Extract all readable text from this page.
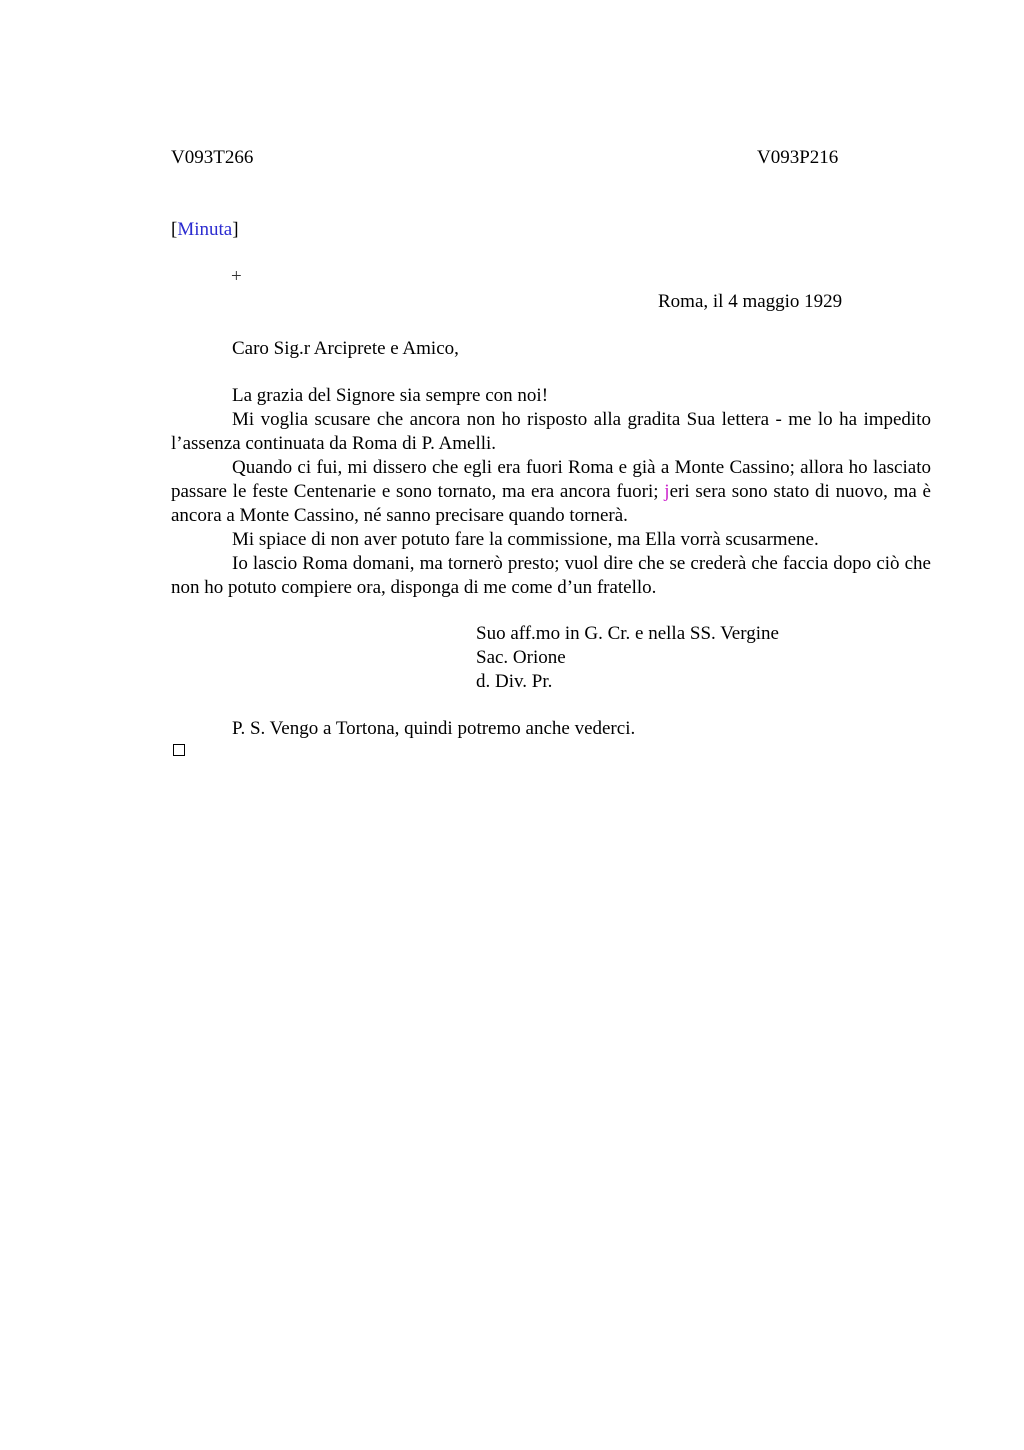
V093T266	V093P216
[Minuta]
+
Roma, il 4 maggio 1929
Caro Sig.r Arciprete e Amico,

La grazia del Signore sia sempre con noi!

Mi voglia scusare che ancora non ho risposto alla gradita Sua lettera - me lo ha impedito l’assenza continuata da Roma di P. Amelli.

Quando ci fui, mi dissero che egli era fuori Roma e già a Monte Cassino; allora ho lasciato passare le feste Centenarie e sono tornato, ma era ancora fuori; jeri sera sono stato di nuovo, ma è ancora a Monte Cassino, né sanno precisare quando tornerà.

Mi spiace di non aver potuto fare la commissione, ma Ella vorrà scusarmene.

Io lascio Roma domani, ma tornerò presto; vuol dire che se crederà che faccia dopo ciò che non ho potuto compiere ora, disponga di me come d’un fratello.

Suo aff.mo in G. Cr. e nella SS. Vergine
Sac. Orione
d. Div. Pr.
P. S. Vengo a Tortona, quindi potremo anche vederci.
